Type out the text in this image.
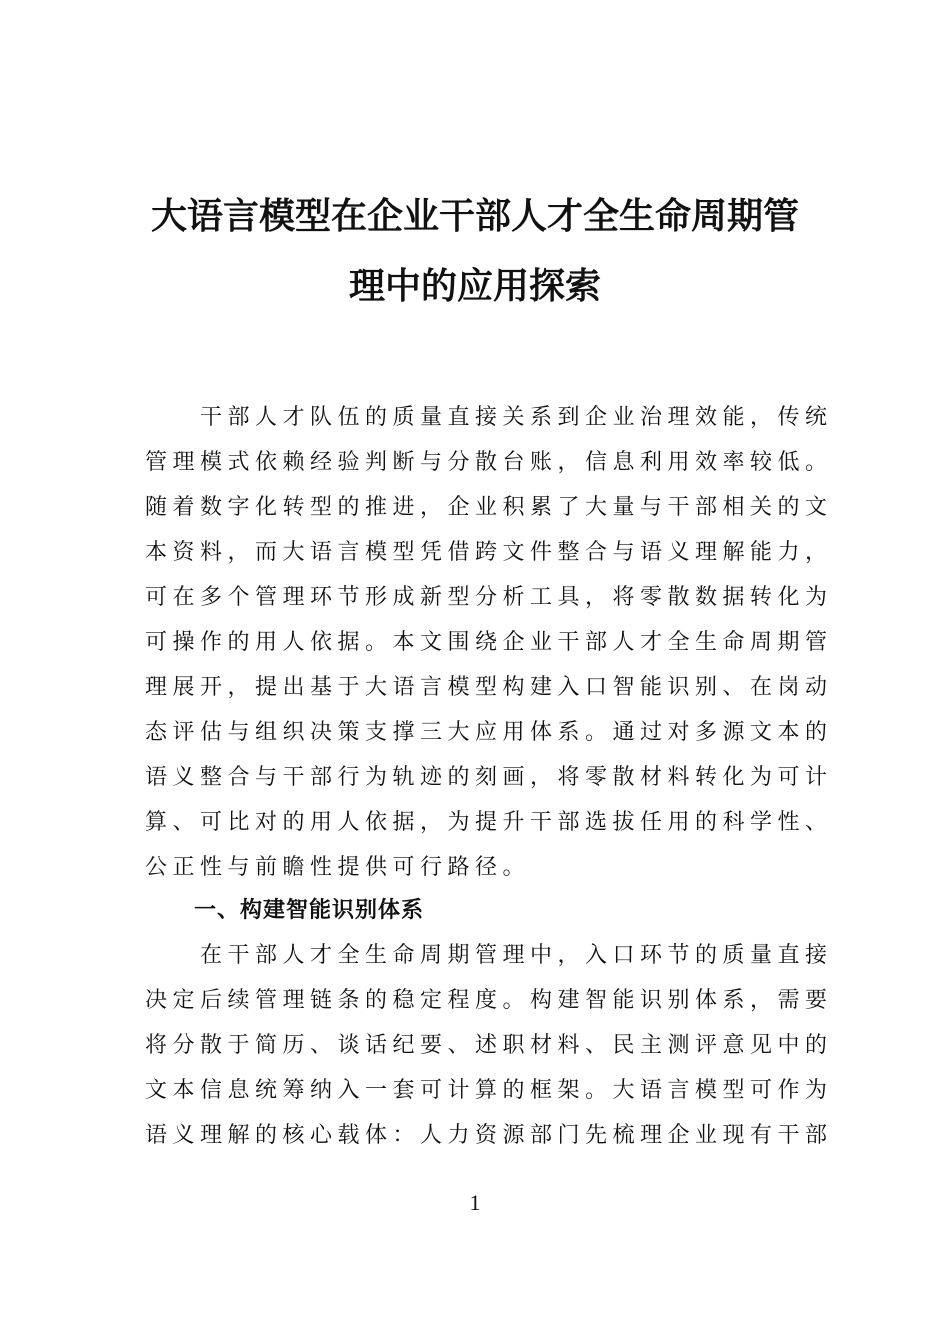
大语言模型在企业干部人才全生命周期管
理中的应用探索
　　干部人才队伍的质量直接关系到企业治理效能，传统
管理模式依赖经验判断与分散台账，信息利用效率较低。
随着数字化转型的推进，企业积累了大量与干部相关的文
本资料，而大语言模型凭借跨文件整合与语义理解能力，
可在多个管理环节形成新型分析工具，将零散数据转化为
可操作的用人依据。本文围绕企业干部人才全生命周期管
理展开，提出基于大语言模型构建入口智能识别、在岗动
态评估与组织决策支撑三大应用体系。通过对多源文本的
语义整合与干部行为轨迹的刻画，将零散材料转化为可计
算、可比对的用人依据，为提升干部选拔任用的科学性、
公正性与前瞻性提供可行路径。
一、构建智能识别体系
　　在干部人才全生命周期管理中，入口环节的质量直接
决定后续管理链条的稳定程度。构建智能识别体系，需要
将分散于简历、谈话纪要、述职材料、民主测评意见中的
文本信息统筹纳入一套可计算的框架。大语言模型可作为
语义理解的核心载体：人力资源部门先梳理企业现有干部
1
